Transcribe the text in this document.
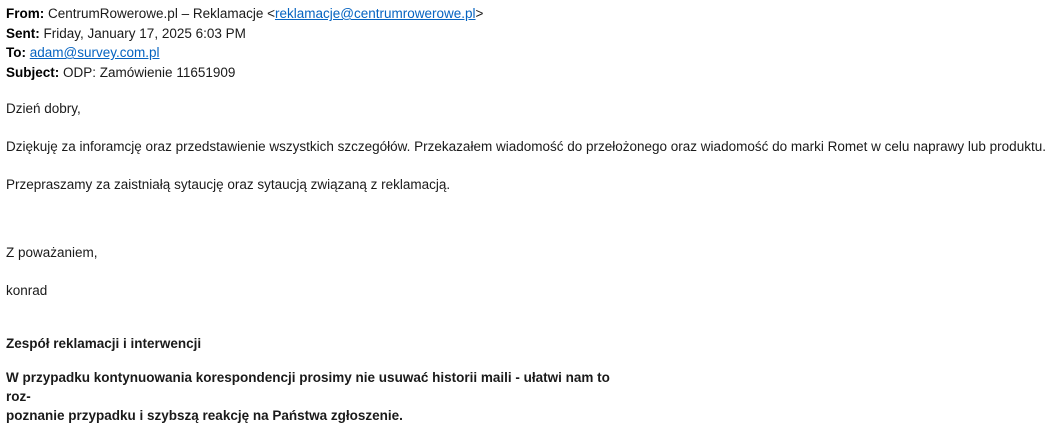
From: CentrumRowerowe.pl – Reklamacje <reklamacje@centrumrowerowe.pl>
Sent: Friday, January 17, 2025 6:03 PM
To: adam@survey.com.pl
Subject: ODP: Zamówienie 11651909
Dzień dobry,
Dziękuję za inforamcję oraz przedstawienie wszystkich szczegółów. Przekazałem wiadomość do przełożonego oraz wiadomość do marki Romet w celu naprawy lub produktu.
Przepraszamy za zaistniałą sytaucję oraz sytaucją związaną z reklamacją.
Z poważaniem,
konrad
Zespół reklamacji i interwencji
W przypadku kontynuowania korespondencji prosimy nie usuwać historii maili - ułatwi nam to roz-
poznanie przypadku i szybszą reakcję na Państwa zgłoszenie.
